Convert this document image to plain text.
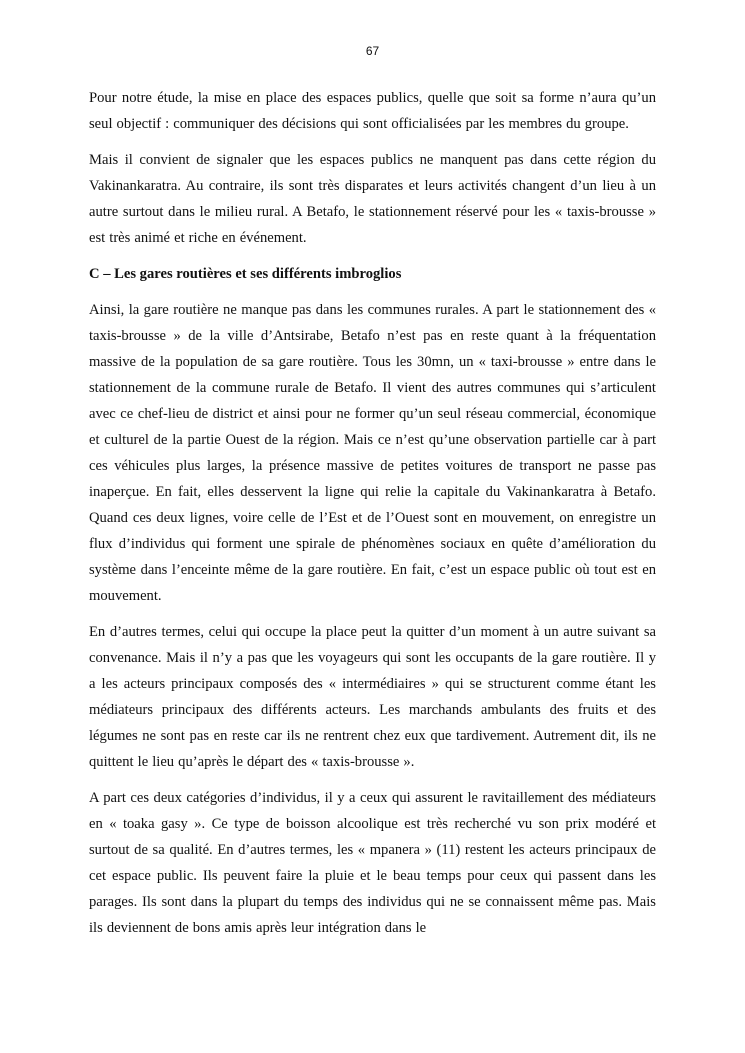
67

Pour notre étude, la mise en place des espaces publics, quelle que soit sa forme n’aura qu’un seul objectif : communiquer des décisions qui sont officialisées par les membres du groupe.

Mais il convient de signaler que les espaces publics ne manquent pas dans cette région du Vakinankaratra. Au contraire, ils sont très disparates et leurs activités changent d’un lieu à un autre surtout dans le milieu rural. A Betafo, le stationnement réservé pour les « taxis-brousse » est très animé et riche en événement.

C – Les gares routières et ses différents imbroglios

Ainsi, la gare routière ne manque pas dans les communes rurales. A part le stationnement des « taxis-brousse » de la ville d’Antsirabe, Betafo n’est pas en reste quant à la fréquentation massive de la population de sa gare routière. Tous les 30mn, un « taxi-brousse » entre dans le stationnement de la commune rurale de Betafo. Il vient des autres communes qui s’articulent avec ce chef-lieu de district et ainsi pour ne former qu’un seul réseau commercial, économique et culturel de la partie Ouest de la région. Mais ce n’est qu’une observation partielle car à part ces véhicules plus larges, la présence massive de petites voitures de transport ne passe pas inaperçue. En fait, elles desservent la ligne qui relie la capitale du Vakinankaratra à Betafo. Quand ces deux lignes, voire celle de l’Est et de l’Ouest sont en mouvement, on enregistre un flux d’individus qui forment une spirale de phénomènes sociaux en quête d’amélioration du système dans l’enceinte même de la gare routière. En fait, c’est un espace public où tout est en mouvement.

En d’autres termes, celui qui occupe la place peut la quitter d’un moment à un autre suivant sa convenance. Mais il n’y a pas que les voyageurs qui sont les occupants de la gare routière. Il y a les acteurs principaux composés des « intermédiaires » qui se structurent comme étant les médiateurs principaux des différents acteurs. Les marchands ambulants des fruits et des légumes ne sont pas en reste car ils ne rentrent chez eux que tardivement. Autrement dit, ils ne quittent le lieu qu’après le départ des « taxis-brousse ».

A part ces deux catégories d’individus, il y a ceux qui assurent le ravitaillement des médiateurs en « toaka gasy ». Ce type de boisson alcoolique est très recherché vu son prix modéré et surtout de sa qualité. En d’autres termes, les « mpanera » (11) restent les acteurs principaux de cet espace public. Ils peuvent faire la pluie et le beau temps pour ceux qui passent dans les parages. Ils sont dans la plupart du temps des individus qui ne se connaissent même pas. Mais ils deviennent de bons amis après leur intégration dans le
